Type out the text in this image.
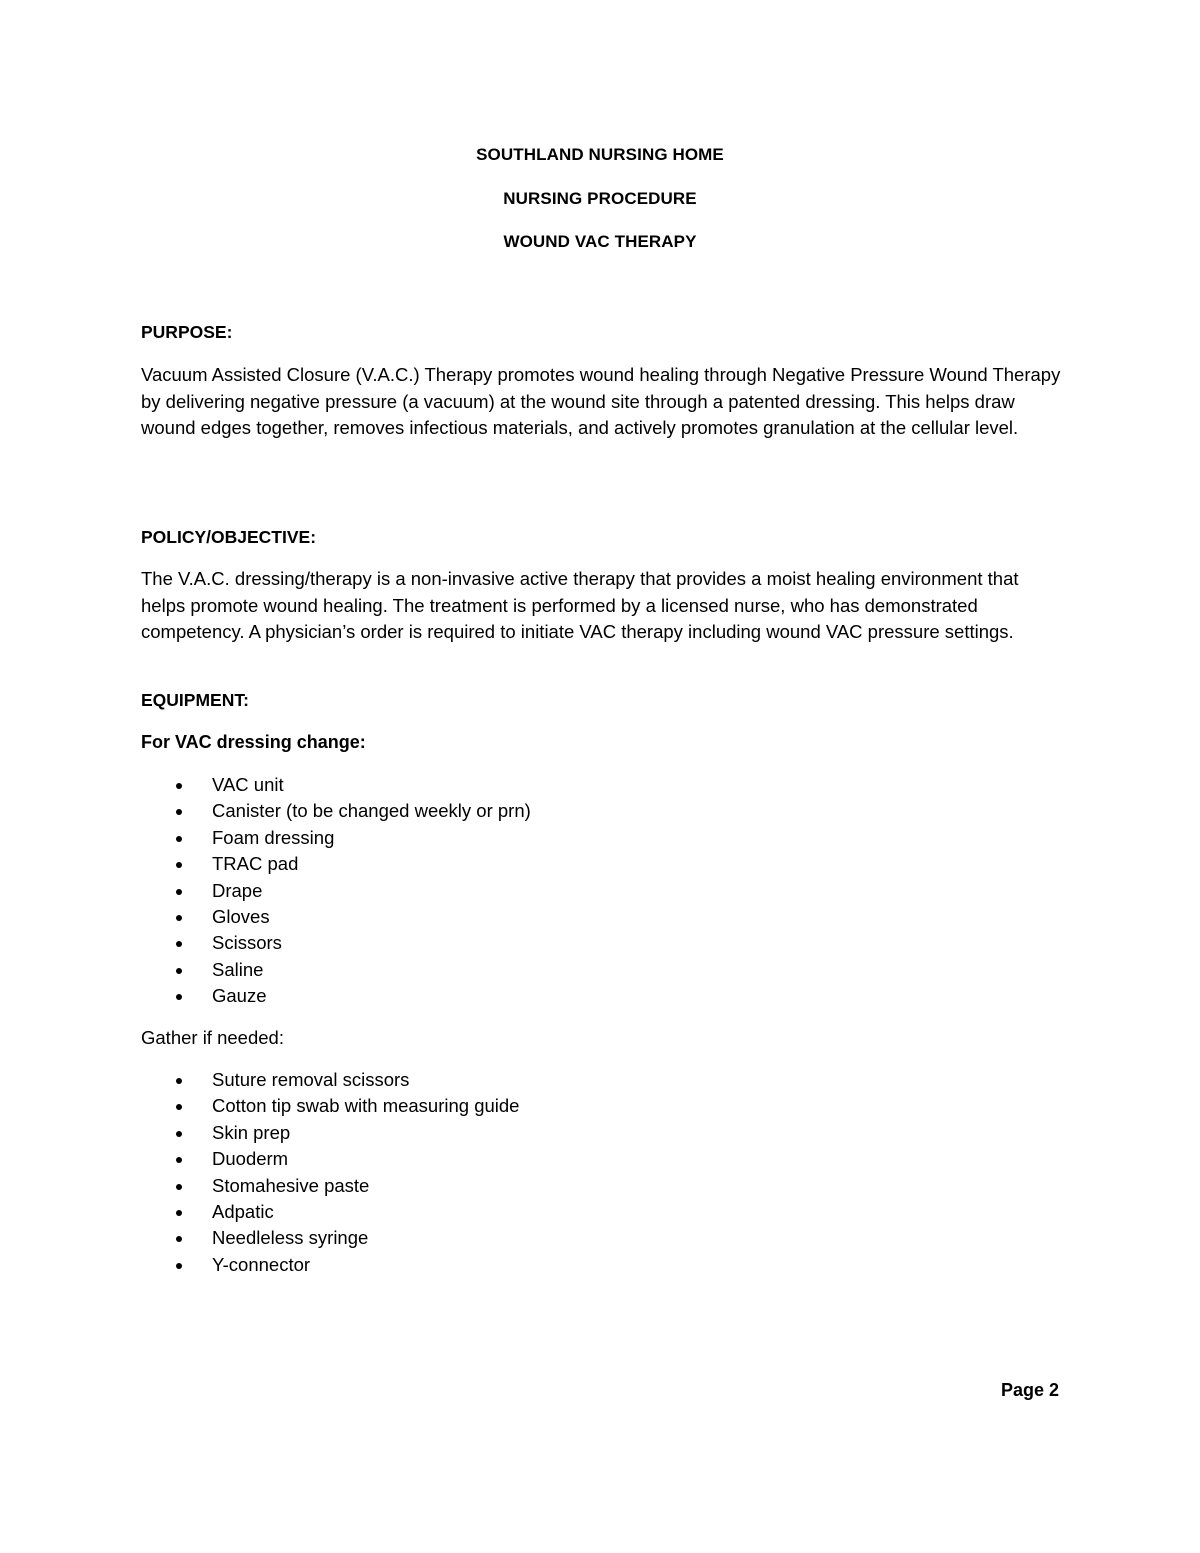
SOUTHLAND NURSING HOME
NURSING PROCEDURE
WOUND VAC THERAPY
PURPOSE:
Vacuum Assisted Closure (V.A.C.) Therapy promotes wound healing through Negative Pressure Wound Therapy by delivering negative pressure (a vacuum) at the wound site through a patented dressing. This helps draw wound edges together, removes infectious materials, and actively promotes granulation at the cellular level.
POLICY/OBJECTIVE:
The V.A.C. dressing/therapy is a non-invasive active therapy that provides a moist healing environment that helps promote wound healing. The treatment is performed by a licensed nurse, who has demonstrated competency. A physician’s order is required to initiate VAC therapy including wound VAC pressure settings.
EQUIPMENT:
For VAC dressing change:
VAC unit
Canister (to be changed weekly or prn)
Foam dressing
TRAC pad
Drape
Gloves
Scissors
Saline
Gauze
Gather if needed:
Suture removal scissors
Cotton tip swab with measuring guide
Skin prep
Duoderm
Stomahesive paste
Adpatic
Needleless syringe
Y-connector
Page 2
